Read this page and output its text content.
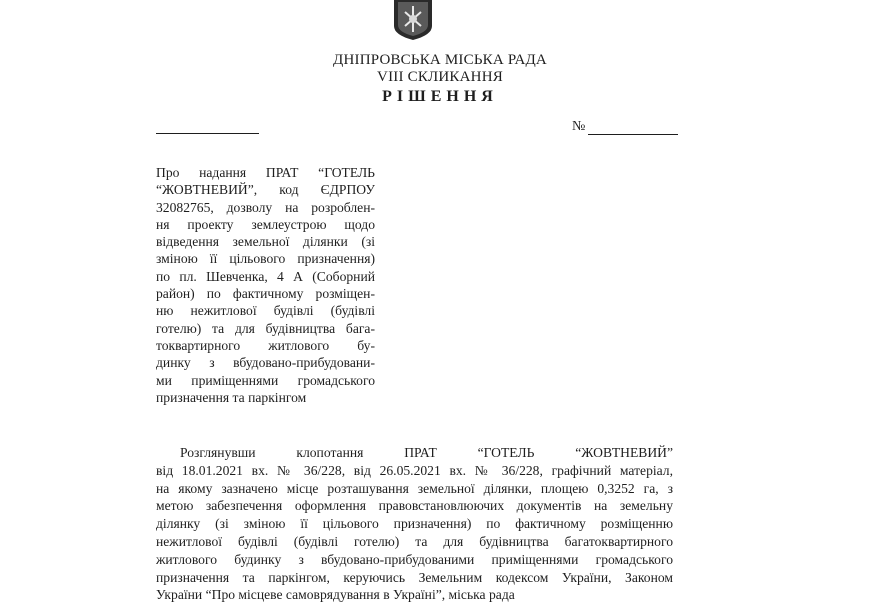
ДНІПРОВСЬКА МІСЬКА РАДА
VIII СКЛИКАННЯ
РІШЕННЯ
№
Про надання ПРАТ “ГОТЕЛЬ
“ЖОВТНЕВИЙ”, код ЄДРПОУ
32082765, дозволу на розроблен-
ня проекту землеустрою щодо
відведення земельної ділянки (зі
зміною її цільового призначення)
по пл. Шевченка, 4 А (Соборний
район) по фактичному розміщен-
ню нежитлової будівлі (будівлі
готелю) та для будівництва бага-
токвартирного житлового бу-
динку з вбудовано-прибудовани-
ми приміщеннями громадського
призначення та паркінгом
Розглянувши клопотання ПРАТ “ГОТЕЛЬ “ЖОВТНЕВИЙ”
від 18.01.2021 вх. № 36/228, від 26.05.2021 вх. № 36/228, графічний матеріал,
на якому зазначено місце розташування земельної ділянки, площею 0,3252 га, з
метою забезпечення оформлення правовстановлюючих документів на земельну
ділянку (зі зміною її цільового призначення) по фактичному розміщенню
нежитлової будівлі (будівлі готелю) та для будівництва багатоквартирного
житлового будинку з вбудовано-прибудованими приміщеннями громадського
призначення та паркінгом, керуючись Земельним кодексом України, Законом
України “Про місцеве самоврядування в Україні”, міська рада
